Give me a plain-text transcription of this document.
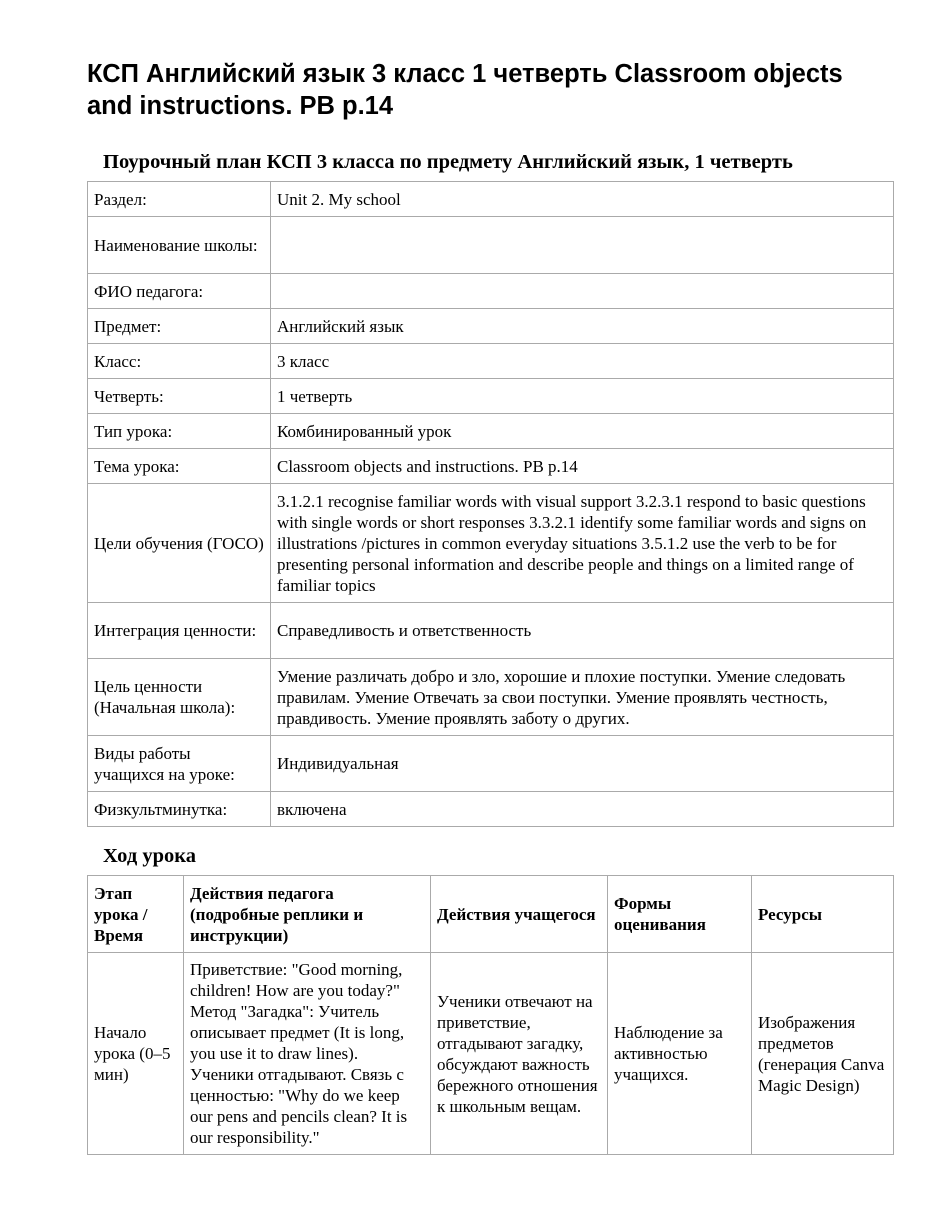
КСП Английский язык 3 класс 1 четверть Classroom objects and instructions. PB p.14
Поурочный план КСП 3 класса по предмету Английский язык, 1 четверть
Раздел:	Unit 2. My school
Наименование школы:	
ФИО педагога:	
Предмет:	Английский язык
Класс:	3 класс
Четверть:	1 четверть
Тип урока:	Комбинированный урок
Тема урока:	Classroom objects and instructions. PB p.14
Цели обучения (ГОСО)	3.1.2.1 recognise familiar words with visual support 3.2.3.1 respond to basic questions with single words or short responses 3.3.2.1 identify some familiar words and signs on illustrations /pictures in common everyday situations 3.5.1.2 use the verb to be for presenting personal information and describe people and things on a limited range of familiar topics
Интеграция ценности:	Справедливость и ответственность
Цель ценности (Начальная школа):	Умение различать добро и зло, хорошие и плохие поступки. Умение следовать правилам. Умение Отвечать за свои поступки. Умение проявлять честность, правдивость. Умение проявлять заботу о других.
Виды работы учащихся на уроке:	Индивидуальная
Физкультминутка:	включена
Ход урока
Этап урока / Время	Действия педагога (подробные реплики и инструкции)	Действия учащегося	Формы оценивания	Ресурсы
Начало урока (0–5 мин)	Приветствие: "Good morning, children! How are you today?" Метод "Загадка": Учитель описывает предмет (It is long, you use it to draw lines). Ученики отгадывают. Связь с ценностью: "Why do we keep our pens and pencils clean? It is our responsibility."	Ученики отвечают на приветствие, отгадывают загадку, обсуждают важность бережного отношения к школьным вещам.	Наблюдение за активностью учащихся.	Изображения предметов (генерация Canva Magic Design)
